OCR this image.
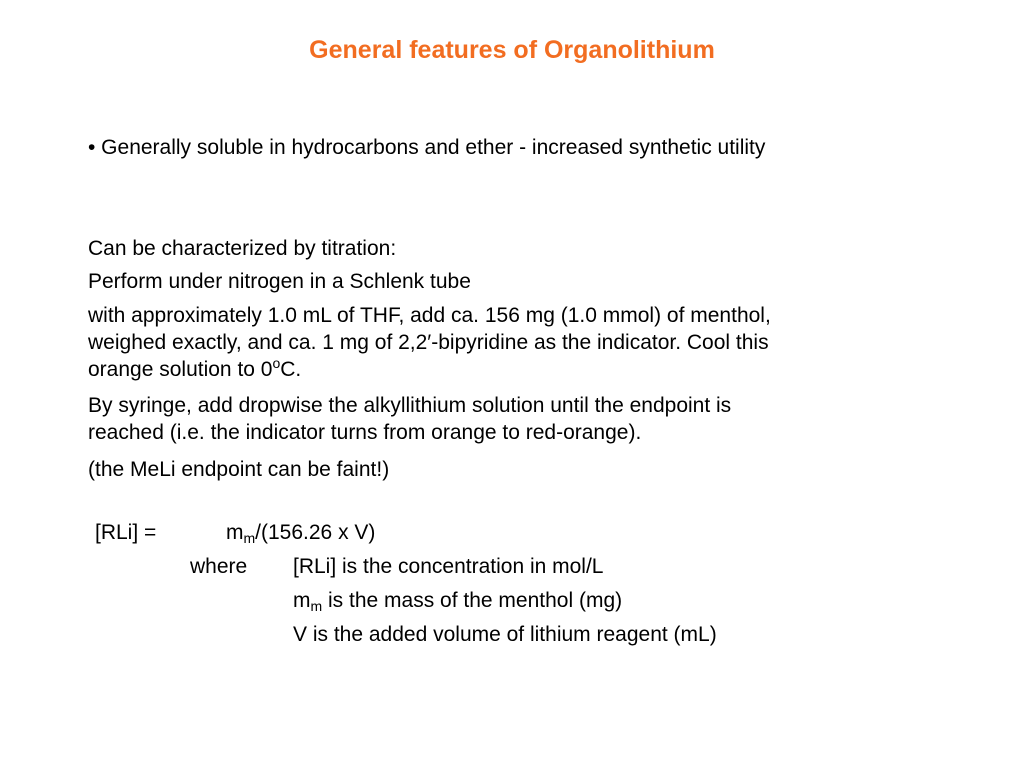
General features of Organolithium
• Generally soluble in hydrocarbons and ether - increased synthetic utility
Can be characterized by titration:
Perform under nitrogen in a Schlenk tube
with approximately 1.0 mL of THF, add ca. 156 mg (1.0 mmol) of menthol,
weighed exactly, and ca. 1 mg of 2,2′-bipyridine as the indicator. Cool this
orange solution to 0$^o$C.
By syringe, add dropwise the alkyllithium solution until the endpoint is
reached (i.e. the indicator turns from orange to red-orange).
(the MeLi endpoint can be faint!)
[RLi] =	$m_m/(156.26$ x V)
where [RLi] is the concentration in mol/L
$m_m$ is the mass of the menthol (mg)
V is the added volume of lithium reagent (mL)
